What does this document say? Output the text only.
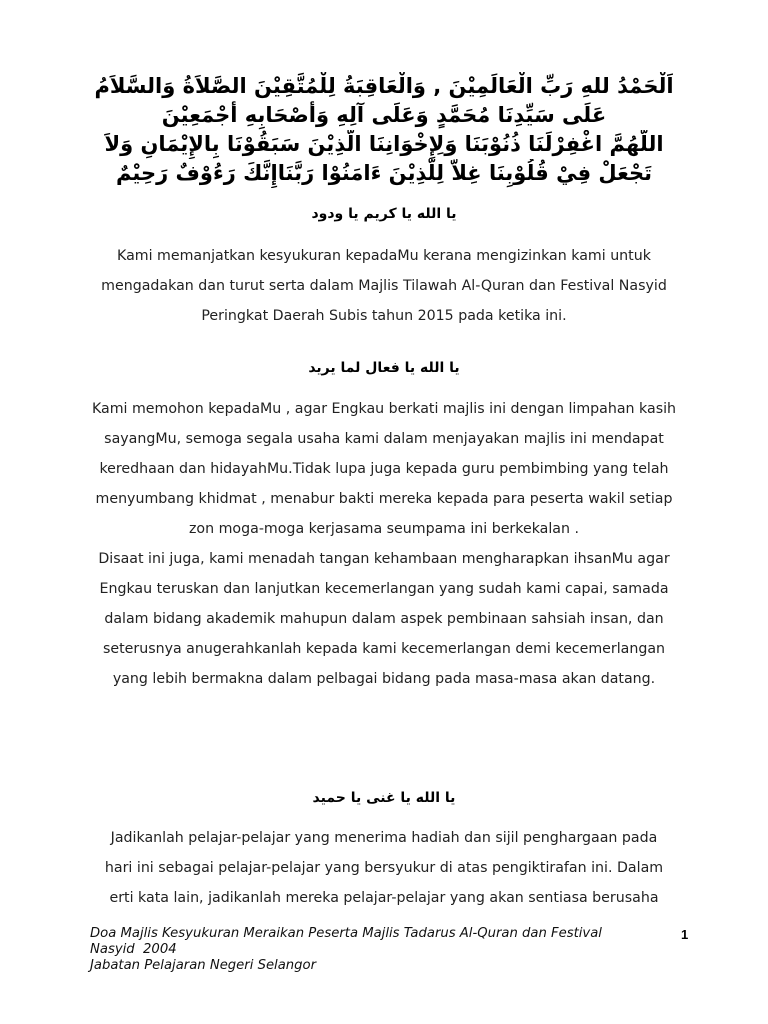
اَلْحَمْدُ للهِ رَبِّ الْعَالَمِيْنَ , وَالْعَاقِبَةُ لِلْمُتَّقِيْنَ الصَّلاَةُ وَالسَّلاَمُ
عَلَى سَيِّدِنَا مُحَمَّدٍ وَعَلَى آلِهِ وَأَصْحَابِهِ أَجْمَعِيْنَ
اللَّهُمَّ اغْفِرْلَنَا ذُنُوْبَنَا وَلِإِخْوَانِنَا الَّذِيْنَ سَبَقُوْنَا بِالإِيْمَانِ وَلاَ
تَجْعَلْ فِيْ قُلُوْبِنَا غِلاًّ لِلَّذِيْنَ ءَامَنُوْا رَبَّنَاإِنَّكَ رَءُوْفٌ رَحِيْمٌ
يا الله يا كريم يا ودود
Kami memanjatkan kesyukuran kepadaMu kerana mengizinkan kami untuk
mengadakan dan turut serta dalam Majlis Tilawah Al-Quran dan Festival Nasyid
Peringkat Daerah Subis tahun 2015 pada ketika ini.
يا الله يا فعال لما يريد
Kami memohon kepadaMu , agar Engkau berkati majlis ini dengan limpahan kasih
sayangMu, semoga segala usaha kami dalam menjayakan majlis ini mendapat
keredhaan dan hidayahMu.Tidak lupa juga kepada guru pembimbing yang telah
menyumbang khidmat , menabur bakti mereka kepada para peserta wakil setiap
zon moga-moga kerjasama seumpama ini berkekalan .
Disaat ini juga, kami menadah tangan kehambaan mengharapkan ihsanMu agar
Engkau teruskan dan lanjutkan kecemerlangan yang sudah kami capai, samada
dalam bidang akademik mahupun dalam aspek pembinaan sahsiah insan, dan
seterusnya anugerahkanlah kepada kami kecemerlangan demi kecemerlangan
yang lebih bermakna dalam pelbagai bidang pada masa-masa akan datang.
يا الله يا غنى يا حميد
Jadikanlah pelajar-pelajar yang menerima hadiah dan sijil penghargaan pada
hari ini sebagai pelajar-pelajar yang bersyukur di atas pengiktirafan ini. Dalam
erti kata lain, jadikanlah mereka pelajar-pelajar yang akan sentiasa berusaha
Doa Majlis Kesyukuran Meraikan Peserta Majlis Tadarus Al-Quran dan Festival
Nasyid  2004
Jabatan Pelajaran Negeri Selangor
1
